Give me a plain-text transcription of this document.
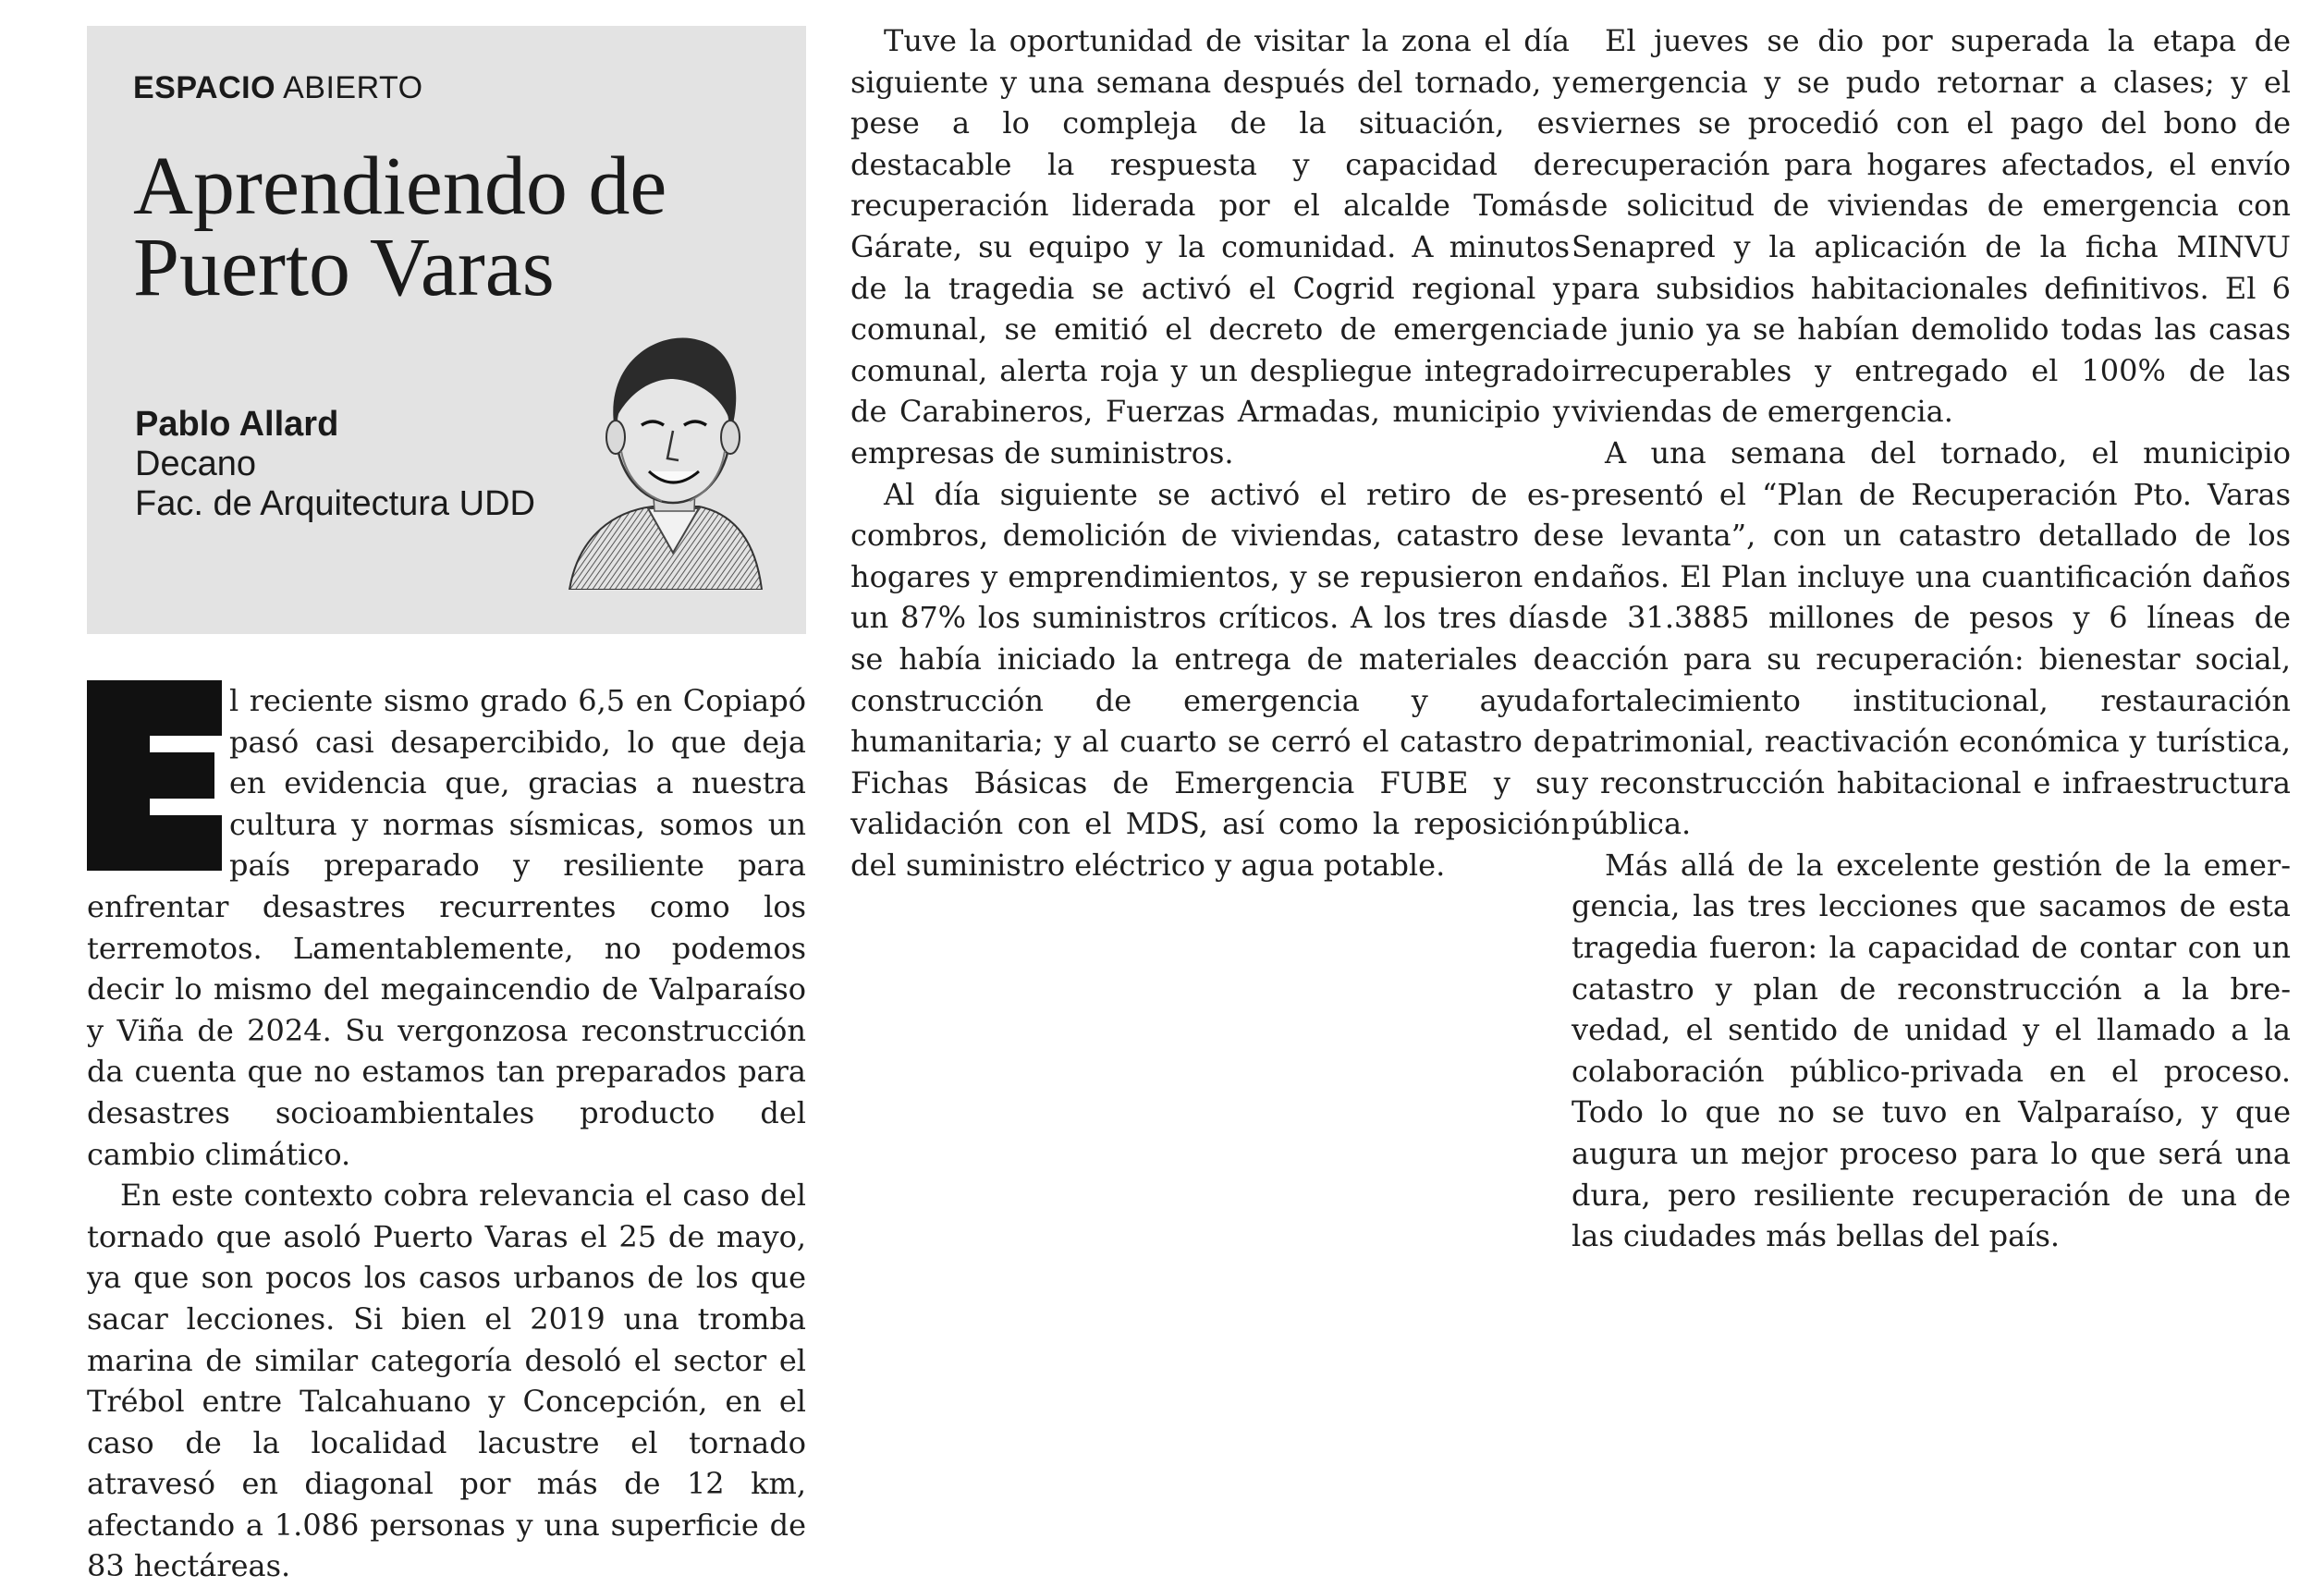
ESPACIO ABIERTO
Aprendiendo de Puerto Varas
Pablo Allard
Decano
Fac. de Arquitectura UDD

l reciente sismo grado 6,5 en Copiapó pasó casi desapercibido, lo que deja en evidencia que, gracias a nuestra cultura y normas sísmicas, somos un país preparado y resiliente para enfrentar desastres recurrentes como los terremotos. Lamentablemente, no podemos decir lo mismo del megaincendio de Valparaíso y Viña de 2024. Su vergonzosa reconstrucción da cuenta que no estamos tan preparados para desastres socioambientales producto del cambio climático.

En este contexto cobra relevancia el caso del tornado que asoló Puerto Varas el 25 de mayo, ya que son pocos los casos urbanos de los que sacar lecciones. Si bien el 2019 una tromba marina de similar categoría desoló el sector el Trébol entre Talcahuano y Concepción, en el caso de la localidad lacustre el tornado atravesó en diagonal por más de 12 km, afectando a 1.086 personas y una superficie de 83 hectáreas.

Tuve la oportunidad de visitar la zona el día siguiente y una semana después del tornado, y pese a lo compleja de la situación, es destacable la respuesta y capacidad de recuperación liderada por el alcalde Tomás Gárate, su equipo y la comunidad. A minutos de la tragedia se activó el Cogrid regional y comunal, se emitió el decreto de emergencia comunal, alerta roja y un despliegue integrado de Carabineros, Fuerzas Armadas, municipio y empresas de suministros.

Al día siguiente se activó el retiro de escombros, demolición de viviendas, catastro de hogares y emprendimientos, y se repusieron en un 87% los suministros críticos. A los tres días se había iniciado la entrega de materiales de construcción de emergencia y ayuda humanitaria; y al cuarto se cerró el catastro de Fichas Básicas de Emergencia FUBE y su validación con el MDS, así como la reposición del suministro eléctrico y agua potable.

El jueves se dio por superada la etapa de emergencia y se pudo retornar a clases; y el viernes se procedió con el pago del bono de recuperación para hogares afectados, el envío de solicitud de viviendas de emergencia con Senapred y la aplicación de la ficha MINVU para subsidios habitacionales definitivos. El 6 de junio ya se habían demolido todas las casas irrecuperables y entregado el 100% de las viviendas de emergencia.

A una semana del tornado, el municipio presentó el “Plan de Recuperación Pto. Varas se levanta”, con un catastro detallado de los daños. El Plan incluye una cuantificación daños de 31.3885 millones de pesos y 6 líneas de acción para su recuperación: bienestar social, fortalecimiento institucional, restauración patrimonial, reactivación económica y turística, y reconstrucción habitacional e infraestructura pública.

Más allá de la excelente gestión de la emergencia, las tres lecciones que sacamos de esta tragedia fueron: la capacidad de contar con un catastro y plan de reconstrucción a la brevedad, el sentido de unidad y el llamado a la colaboración público-privada en el proceso. Todo lo que no se tuvo en Valparaíso, y que augura un mejor proceso para lo que será una dura, pero resiliente recuperación de una de las ciudades más bellas del país.
